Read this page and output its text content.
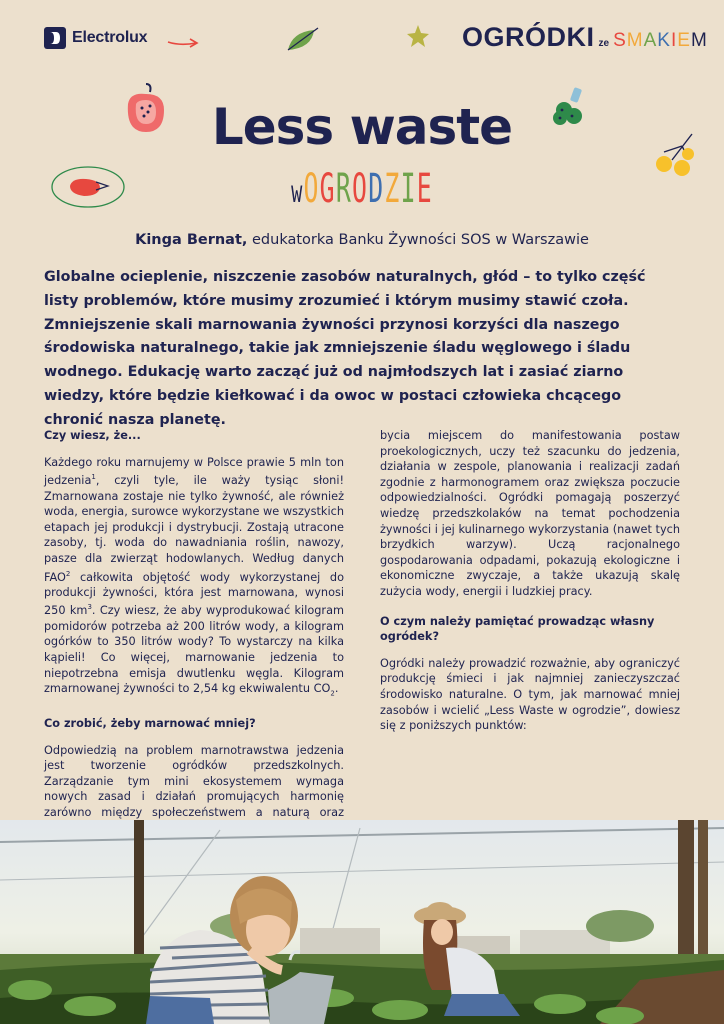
Electrolux	OGRÓDKI ze SMAKIEM
Less waste
wOGRODZIE
Kinga Bernat, edukatorka Banku Żywności SOS w Warszawie

Globalne ocieplenie, niszczenie zasobów naturalnych, głód – to tylko część listy problemów, które musimy zrozumieć i którym musimy stawić czoła. Zmniejszenie skali marnowania żywności przynosi korzyści dla naszego środowiska naturalnego, takie jak zmniejszenie śladu węglowego i śladu wodnego. Edukację warto zacząć już od najmłodszych lat i zasiać ziarno wiedzy, które będzie kiełkować i da owoc w postaci człowieka chcącego chronić nasza planetę.

Czy wiesz, że...

Każdego roku marnujemy w Polsce prawie 5 mln ton jedzenia$^1$, czyli tyle, ile waży tysiąc słoni! Zmarnowana zostaje nie tylko żywność, ale również woda, energia, surowce wykorzystane we wszystkich etapach jej produkcji i dystrybucji. Zostają utracone zasoby, tj. woda do nawadniania roślin, nawozy, pasze dla zwierząt hodowlanych. Według danych FAO$^2$ całkowita objętość wody wykorzystanej do produkcji żywności, która jest marnowana, wynosi 250 $km^3$. Czy wiesz, że aby wyprodukować kilogram pomidorów potrzeba aż 200 litrów wody, a kilogram ogórków to 350 litrów wody? To wystarczy na kilka kąpieli! Co więcej, marnowanie jedzenia to niepotrzebna emisja dwutlenku węgla. Kilogram zmarnowanej żywności to 2,54 kg ekwiwalentu $CO_2$.

Co zrobić, żeby marnować mniej?

Odpowiedzią na problem marnotrawstwa jedzenia jest tworzenie ogródków przedszkolnych. Zarządzanie tym mini ekosystemem wymaga nowych zasad i działań promujących harmonię zarówno między społeczeństwem a naturą oraz

bycia miejscem do manifestowania postaw proekologicznych, uczy też szacunku do jedzenia, działania w zespole, planowania i realizacji zadań zgodnie z harmonogramem oraz zwiększa poczucie odpowiedzialności. Ogródki pomagają poszerzyć wiedzę przedszkolaków na temat pochodzenia żywności i jej kulinarnego wykorzystania (nawet tych brzydkich warzyw). Uczą racjonalnego gospodarowania odpadami, pokazują ekologiczne i ekonomiczne zwyczaje, a także ukazują skalę zużycia wody, energii i ludzkiej pracy.

O czym należy pamiętać prowadząc własny ogródek?

Ogródki należy prowadzić rozważnie, aby ograniczyć produkcję śmieci i jak najmniej zanieczyszczać środowisko naturalne. O tym, jak marnować mniej zasobów i wcielić „Less Waste w ogrodzie”, dowiesz się z poniższych punktów:
